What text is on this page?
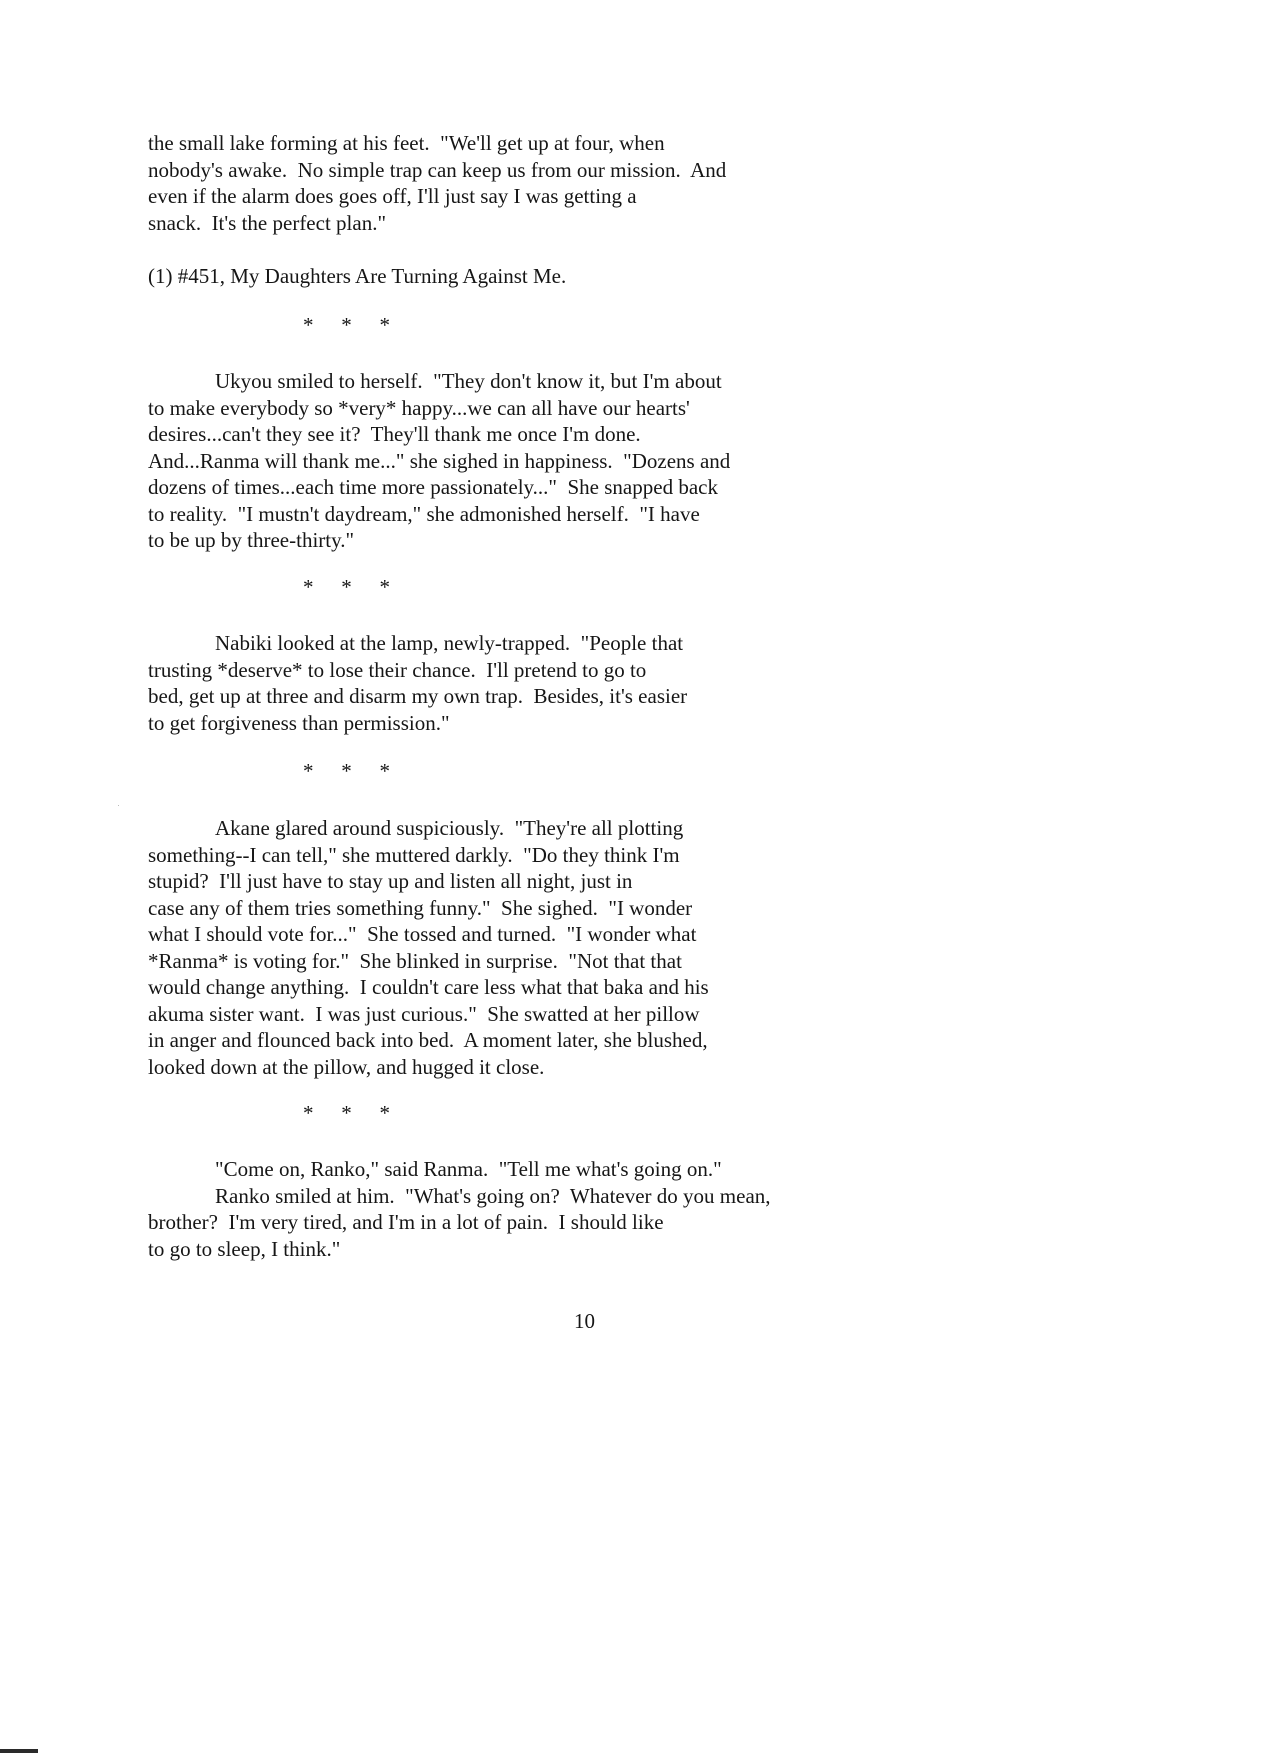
the small lake forming at his feet.  "We'll get up at four, when
nobody's awake.  No simple trap can keep us from our mission.  And
even if the alarm does goes off, I'll just say I was getting a
snack.  It's the perfect plan."
(1) #451, My Daughters Are Turning Against Me.
*   *   *
Ukyou smiled to herself.  "They don't know it, but I'm about
to make everybody so *very* happy...we can all have our hearts'
desires...can't they see it?  They'll thank me once I'm done.
And...Ranma will thank me..." she sighed in happiness.  "Dozens and
dozens of times...each time more passionately..."  She snapped back
to reality.  "I mustn't daydream," she admonished herself.  "I have
to be up by three-thirty."
*   *   *
Nabiki looked at the lamp, newly-trapped.  "People that
trusting *deserve* to lose their chance.  I'll pretend to go to
bed, get up at three and disarm my own trap.  Besides, it's easier
to get forgiveness than permission."
*   *   *
Akane glared around suspiciously.  "They're all plotting
something--I can tell," she muttered darkly.  "Do they think I'm
stupid?  I'll just have to stay up and listen all night, just in
case any of them tries something funny."  She sighed.  "I wonder
what I should vote for..."  She tossed and turned.  "I wonder what
*Ranma* is voting for."  She blinked in surprise.  "Not that that
would change anything.  I couldn't care less what that baka and his
akuma sister want.  I was just curious."  She swatted at her pillow
in anger and flounced back into bed.  A moment later, she blushed,
looked down at the pillow, and hugged it close.
*   *   *
"Come on, Ranko," said Ranma.  "Tell me what's going on."
Ranko smiled at him.  "What's going on?  Whatever do you mean,
brother?  I'm very tired, and I'm in a lot of pain.  I should like
to go to sleep, I think."
10
